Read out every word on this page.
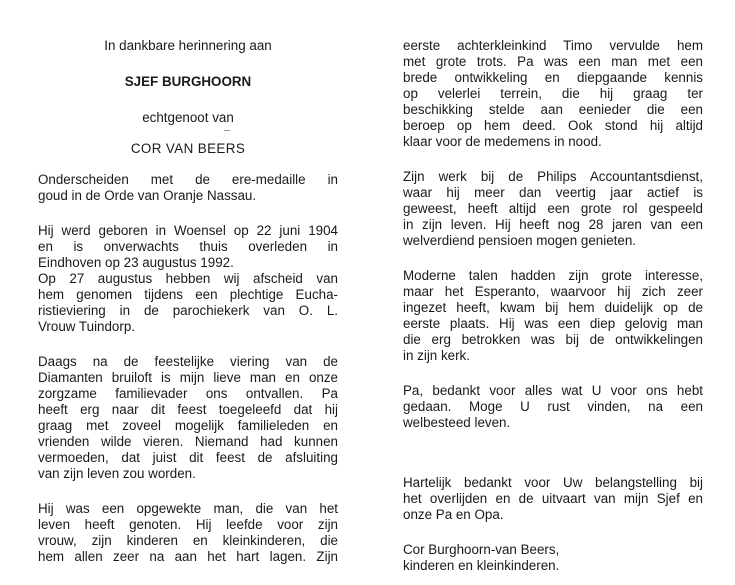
In dankbare herinnering aan
SJEF BURGHOORN
echtgenoot van
COR VAN BEERS
Onderscheiden met de ere-medaille in
goud in de Orde van Oranje Nassau.
Hij werd geboren in Woensel op 22 juni 1904
en is onverwachts thuis overleden in
Eindhoven op 23 augustus 1992.
Op 27 augustus hebben wij afscheid van
hem genomen tijdens een plechtige Eucha-
ristieviering in de parochiekerk van O. L.
Vrouw Tuindorp.
Daags na de feestelijke viering van de
Diamanten bruiloft is mijn lieve man en onze
zorgzame familievader ons ontvallen. Pa
heeft erg naar dit feest toegeleefd dat hij
graag met zoveel mogelijk familieleden en
vrienden wilde vieren. Niemand had kunnen
vermoeden, dat juist dit feest de afsluiting
van zijn leven zou worden.
Hij was een opgewekte man, die van het
leven heeft genoten. Hij leefde voor zijn
vrouw, zijn kinderen en kleinkinderen, die
hem allen zeer na aan het hart lagen. Zijn
eerste achterkleinkind Timo vervulde hem
met grote trots. Pa was een man met een
brede ontwikkeling en diepgaande kennis
op velerlei terrein, die hij graag ter
beschikking stelde aan eenieder die een
beroep op hem deed. Ook stond hij altijd
klaar voor de medemens in nood.
Zijn werk bij de Philips Accountantsdienst,
waar hij meer dan veertig jaar actief is
geweest, heeft altijd een grote rol gespeeld
in zijn leven. Hij heeft nog 28 jaren van een
welverdiend pensioen mogen genieten.
Moderne talen hadden zijn grote interesse,
maar het Esperanto, waarvoor hij zich zeer
ingezet heeft, kwam bij hem duidelijk op de
eerste plaats. Hij was een diep gelovig man
die erg betrokken was bij de ontwikkelingen
in zijn kerk.
Pa, bedankt voor alles wat U voor ons hebt
gedaan. Moge U rust vinden, na een
welbesteed leven.
Hartelijk bedankt voor Uw belangstelling bij
het overlijden en de uitvaart van mijn Sjef en
onze Pa en Opa.
Cor Burghoorn-van Beers,
kinderen en kleinkinderen.
